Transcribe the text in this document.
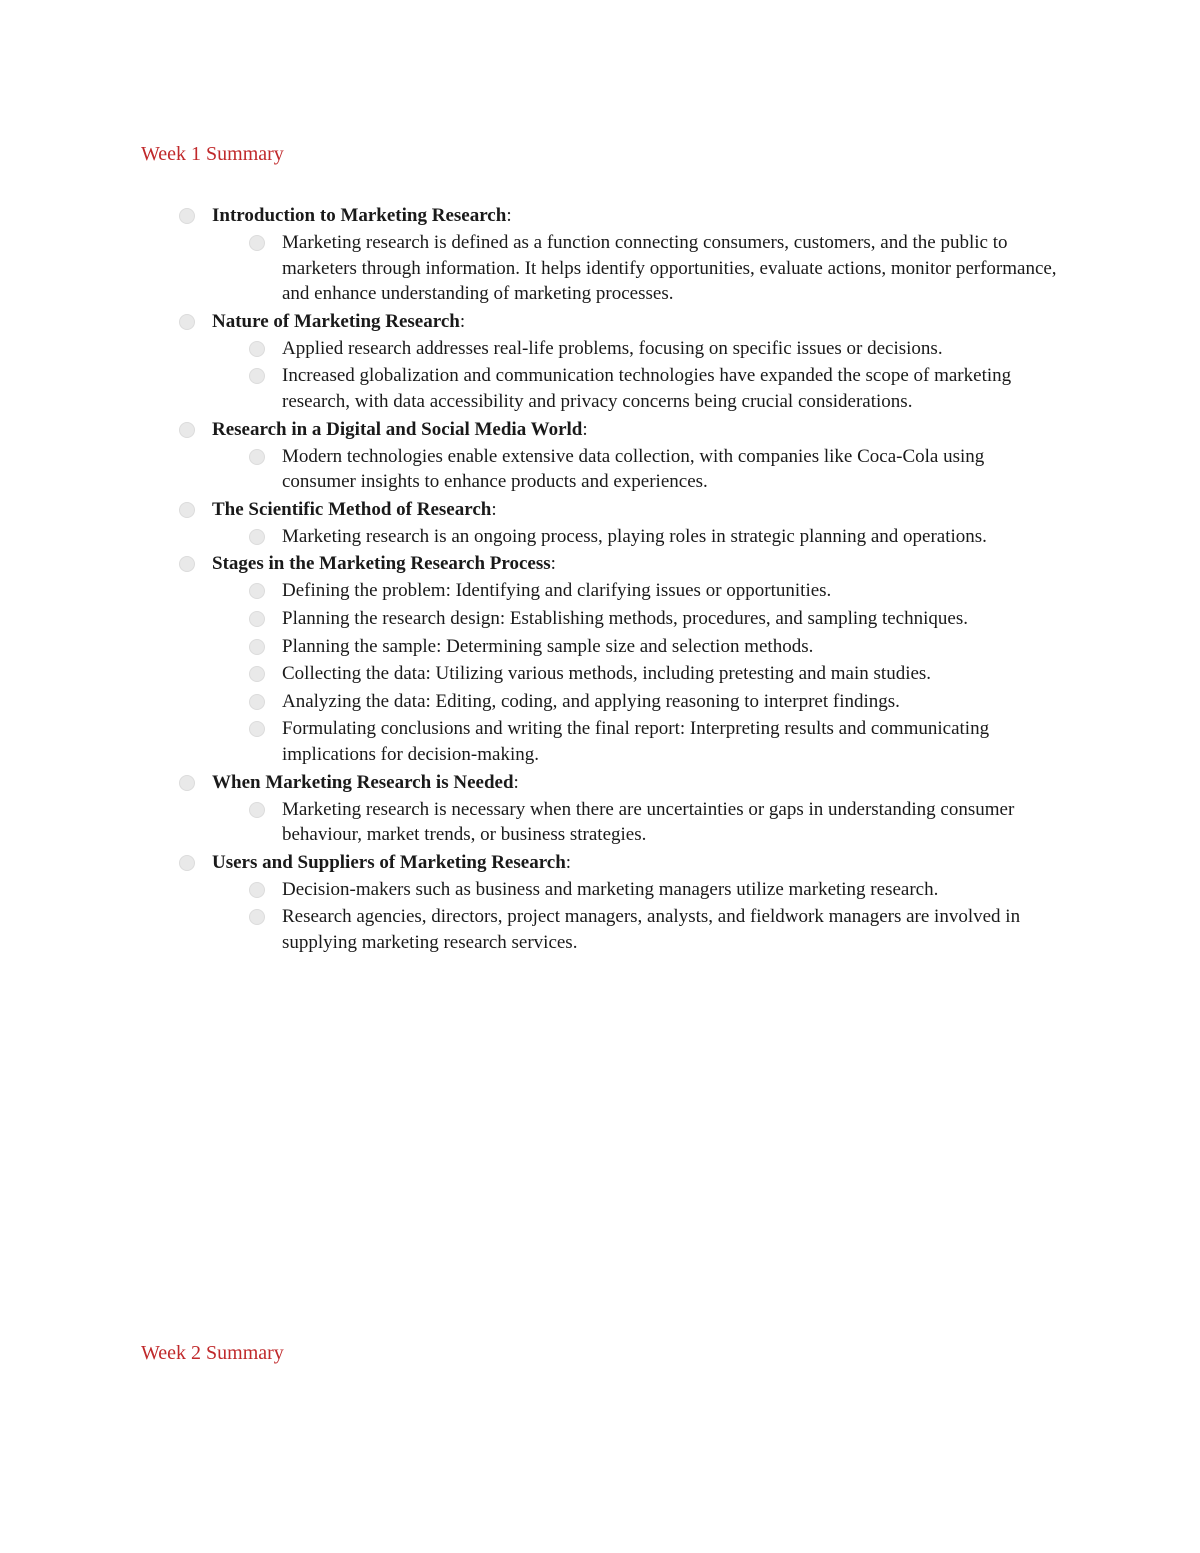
Week 1 Summary
Introduction to Marketing Research:
Marketing research is defined as a function connecting consumers, customers, and the public to marketers through information. It helps identify opportunities, evaluate actions, monitor performance, and enhance understanding of marketing processes.
Nature of Marketing Research:
Applied research addresses real-life problems, focusing on specific issues or decisions.
Increased globalization and communication technologies have expanded the scope of marketing research, with data accessibility and privacy concerns being crucial considerations.
Research in a Digital and Social Media World:
Modern technologies enable extensive data collection, with companies like Coca-Cola using consumer insights to enhance products and experiences.
The Scientific Method of Research:
Marketing research is an ongoing process, playing roles in strategic planning and operations.
Stages in the Marketing Research Process:
Defining the problem: Identifying and clarifying issues or opportunities.
Planning the research design: Establishing methods, procedures, and sampling techniques.
Planning the sample: Determining sample size and selection methods.
Collecting the data: Utilizing various methods, including pretesting and main studies.
Analyzing the data: Editing, coding, and applying reasoning to interpret findings.
Formulating conclusions and writing the final report: Interpreting results and communicating implications for decision-making.
When Marketing Research is Needed:
Marketing research is necessary when there are uncertainties or gaps in understanding consumer behaviour, market trends, or business strategies.
Users and Suppliers of Marketing Research:
Decision-makers such as business and marketing managers utilize marketing research.
Research agencies, directors, project managers, analysts, and fieldwork managers are involved in supplying marketing research services.
Week 2 Summary
